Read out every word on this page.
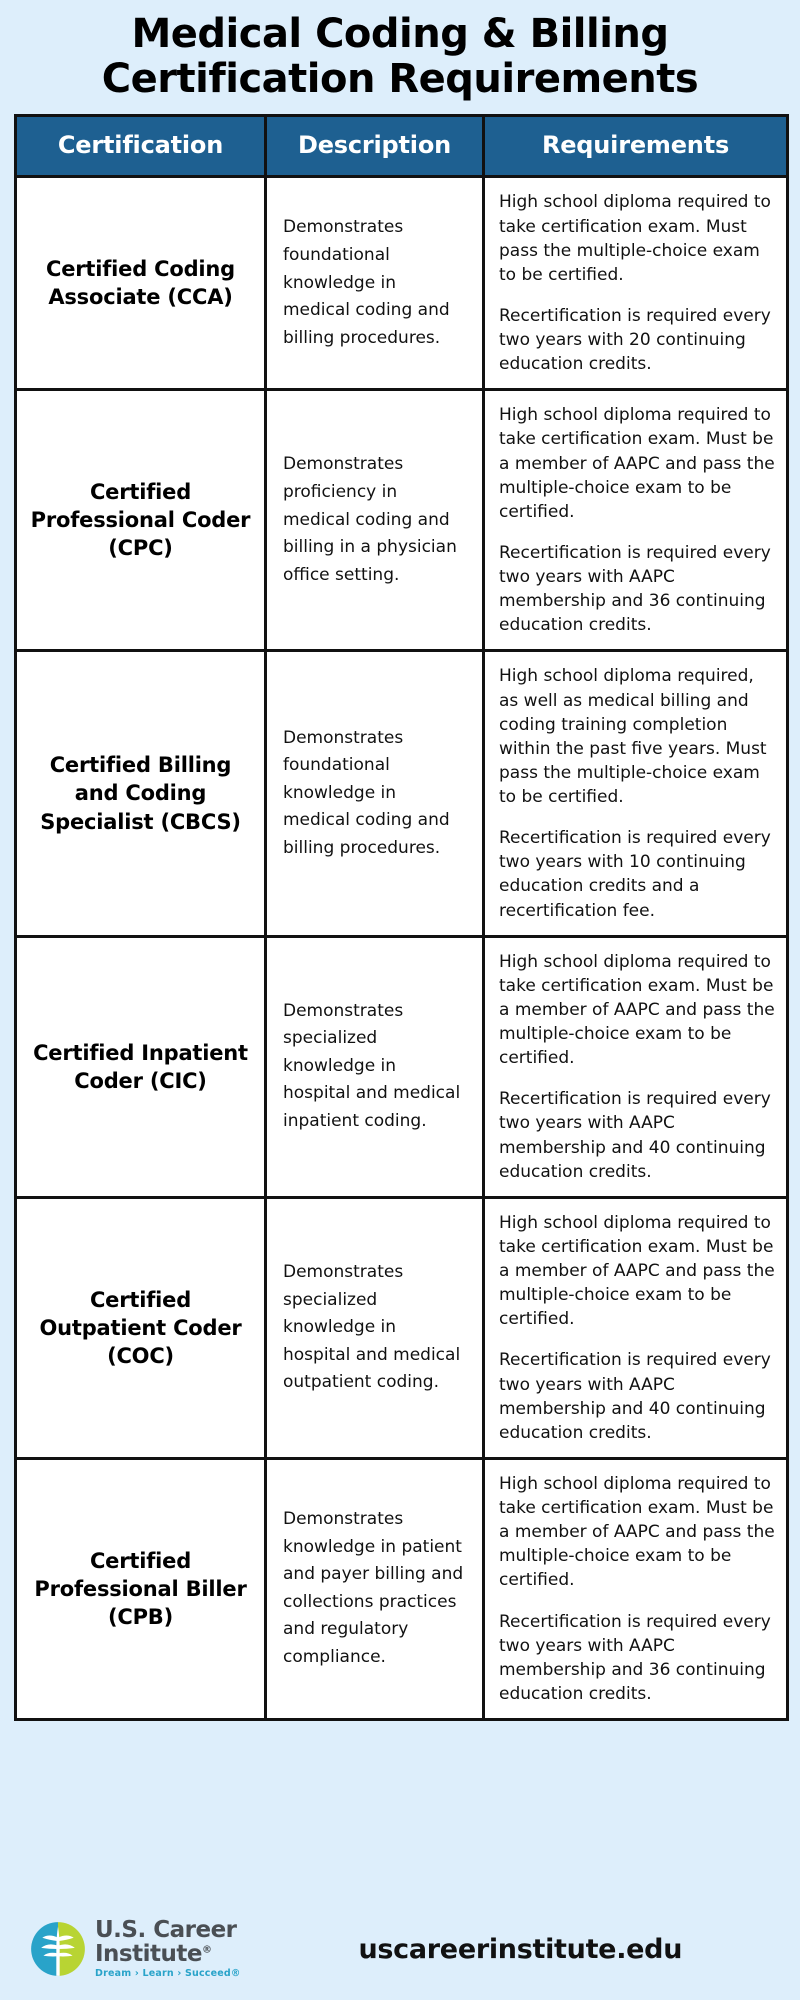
Medical Coding & Billing
Certification Requirements
Certification	Description	Requirements
Certified Coding Associate (CCA)	Demonstrates foundational knowledge in medical coding and billing procedures.	High school diploma required to take certification exam. Must pass the multiple-choice exam to be certified.

Recertification is required every two years with 20 continuing education credits.

Certified Professional Coder (CPC)	Demonstrates proficiency in medical coding and billing in a physician office setting.	High school diploma required to take certification exam. Must be a member of AAPC and pass the multiple-choice exam to be certified.

Recertification is required every two years with AAPC membership and 36 continuing education credits.

Certified Billing and Coding Specialist (CBCS)	Demonstrates foundational knowledge in medical coding and billing procedures.	High school diploma required, as well as medical billing and coding training completion within the past five years. Must pass the multiple-choice exam to be certified.

Recertification is required every two years with 10 continuing education credits and a recertification fee.

Certified Inpatient Coder (CIC)	Demonstrates specialized knowledge in hospital and medical inpatient coding.	High school diploma required to take certification exam. Must be a member of AAPC and pass the multiple-choice exam to be certified.

Recertification is required every two years with AAPC membership and 40 continuing education credits.

Certified Outpatient Coder (COC)	Demonstrates specialized knowledge in hospital and medical outpatient coding.	High school diploma required to take certification exam. Must be a member of AAPC and pass the multiple-choice exam to be certified.

Recertification is required every two years with AAPC membership and 40 continuing education credits.

Certified Professional Biller (CPB)	Demonstrates knowledge in patient and payer billing and collections practices and regulatory compliance.	High school diploma required to take certification exam. Must be a member of AAPC and pass the multiple-choice exam to be certified.

Recertification is required every two years with AAPC membership and 36 continuing education credits.

U.S. Career
Institute®
Dream › Learn › Succeed®
uscareerinstitute.edu
